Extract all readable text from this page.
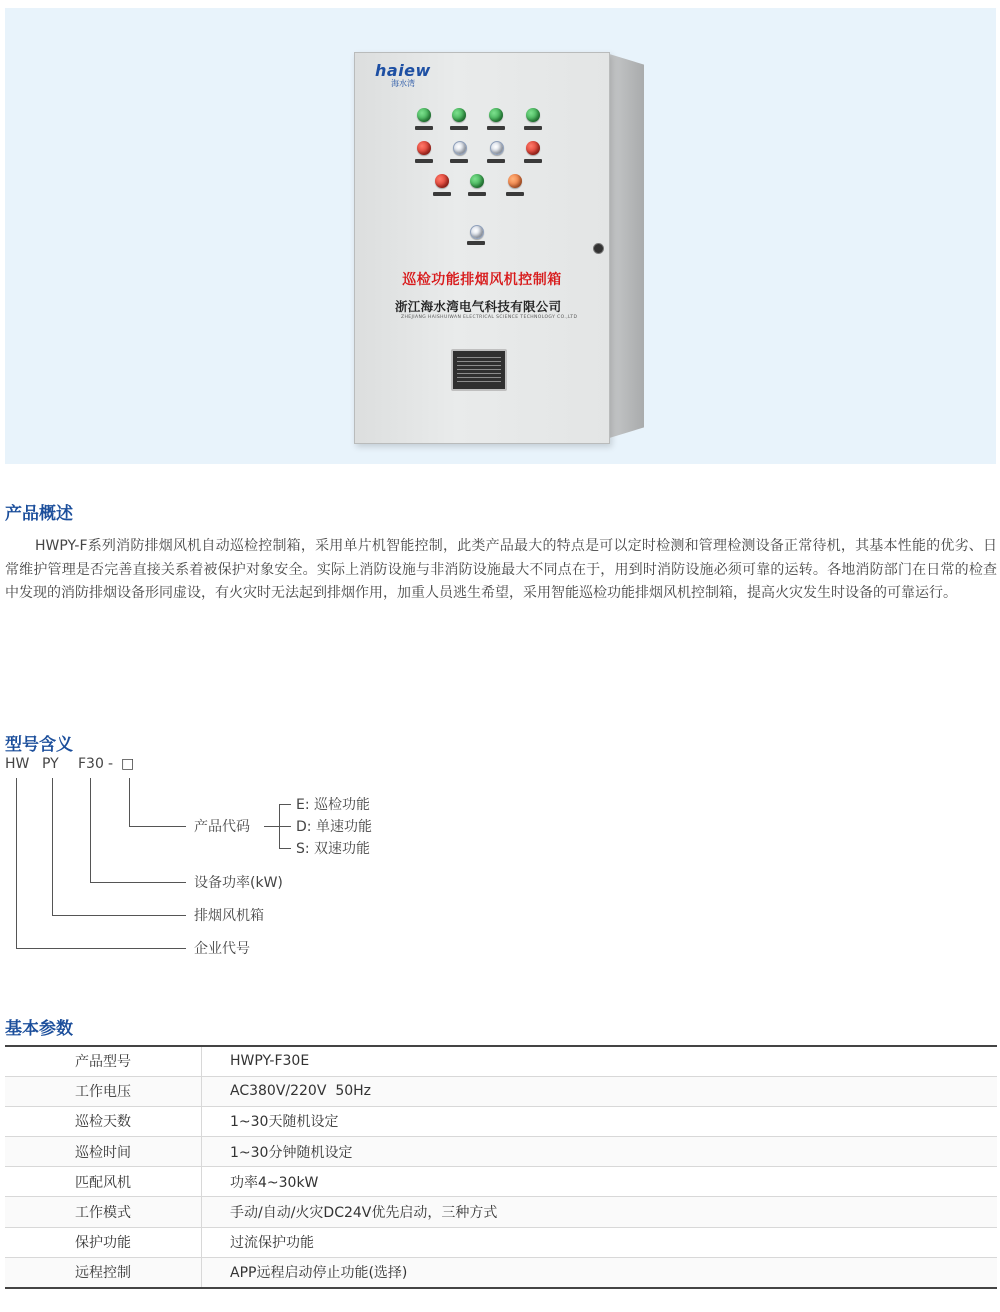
haiew
海水湾
巡检功能排烟风机控制箱
浙江海水湾电气科技有限公司
ZHEJIANG HAISHUIWAN ELECTRICAL SCIENCE TECHNOLOGY CO.,LTD
产品概述

HWPY-F系列消防排烟风机自动巡检控制箱，采用单片机智能控制，此类产品最大的特点是可以定时检测和管理检测设备正常待机，其基本性能的优劣、日常维护管理是否完善直接关系着被保护对象安全。实际上消防设施与非消防设施最大不同点在于，用到时消防设施必须可靠的运转。各地消防部门在日常的检查中发现的消防排烟设备形同虚设，有火灾时无法起到排烟作用，加重人员逃生希望，采用智能巡检功能排烟风机控制箱，提高火灾发生时设备的可靠运行。

型号含义
HW PY F30 - □
产品代码
设备功率(kW)
排烟风机箱
企业代号
E: 巡检功能
D: 单速功能
S: 双速功能
基本参数
产品型号	HWPY-F30E
工作电压	AC380V/220V  50Hz
巡检天数	1~30天随机设定
巡检时间	1~30分钟随机设定
匹配风机	功率4~30kW
工作模式	手动/自动/火灾DC24V优先启动，三种方式
保护功能	过流保护功能
远程控制	APP远程启动停止功能(选择)
